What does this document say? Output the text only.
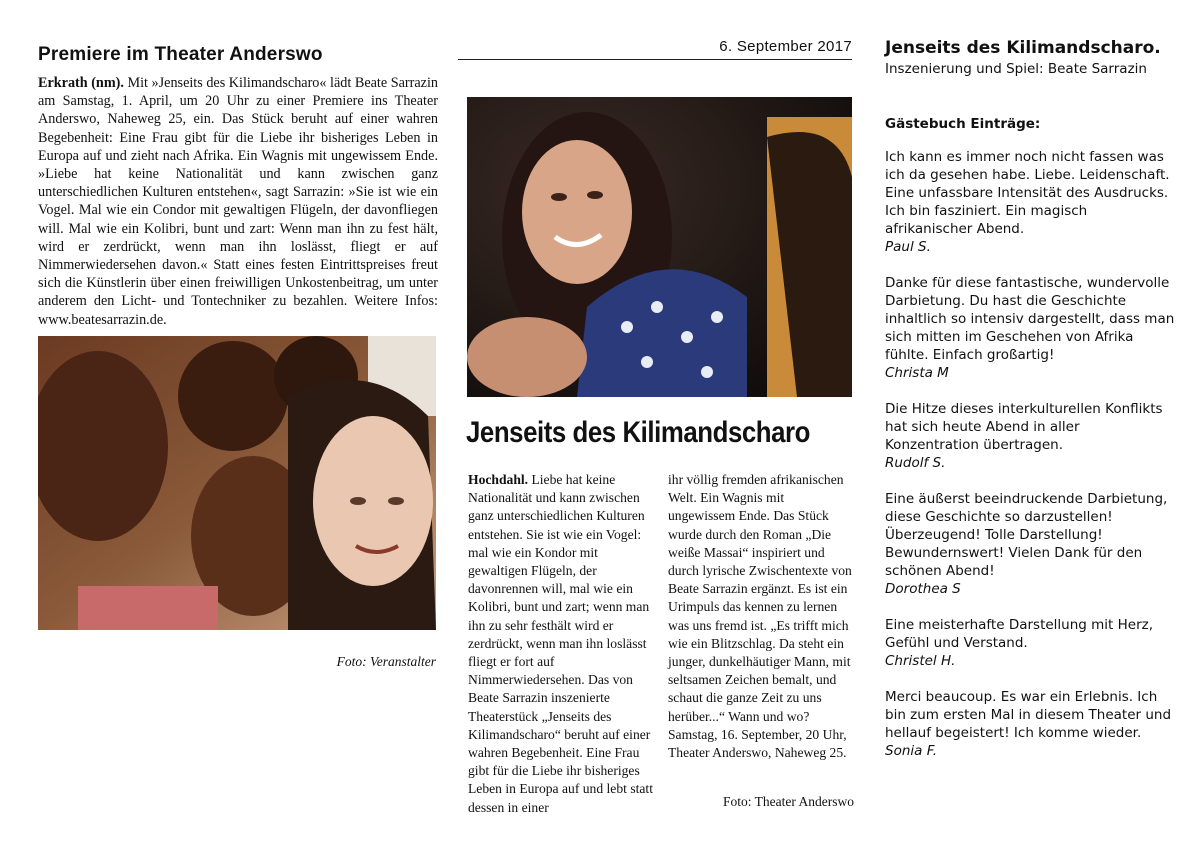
Premiere im Theater Anderswo
Erkrath (nm). Mit »Jenseits des Kilimandscharo« lädt Beate Sarrazin am Samstag, 1. April, um 20 Uhr zu einer Premiere ins Theater Anderswo, Naheweg 25, ein. Das Stück beruht auf einer wahren Begebenheit: Eine Frau gibt für die Liebe ihr bisheriges Leben in Europa auf und zieht nach Afrika. Ein Wagnis mit ungewissem Ende. »Liebe hat keine Nationalität und kann zwischen ganz unterschiedlichen Kulturen entstehen«, sagt Sarrazin: »Sie ist wie ein Vogel. Mal wie ein Condor mit gewaltigen Flügeln, der davonfliegen will. Mal wie ein Kolibri, bunt und zart: Wenn man ihn zu fest hält, wird er zerdrückt, wenn man ihn loslässt, fliegt er auf Nimmerwiedersehen davon.« Statt eines festen Eintrittspreises freut sich die Künstlerin über einen freiwilligen Unkostenbeitrag, um unter anderem den Licht- und Tontechniker zu bezahlen. Weitere Infos: www.beatesarrazin.de.
Foto: Veranstalter
6. September 2017
Jenseits des Kilimandscharo
Hochdahl. Liebe hat keine Nationalität und kann zwischen ganz unterschiedlichen Kulturen entstehen. Sie ist wie ein Vogel: mal wie ein Kondor mit gewaltigen Flügeln, der davonrennen will, mal wie ein Kolibri, bunt und zart; wenn man ihn zu sehr festhält wird er zerdrückt, wenn man ihn loslässt fliegt er fort auf Nimmerwiedersehen. Das von Beate Sarrazin inszenierte Theaterstück „Jenseits des Kilimandscharo“ beruht auf einer wahren Begebenheit. Eine Frau gibt für die Liebe ihr bisheriges Leben in Europa auf und lebt statt dessen in einer
ihr völlig fremden afrikanischen Welt. Ein Wagnis mit ungewissem Ende. Das Stück wurde durch den Roman „Die weiße Massai“ inspiriert und durch lyrische Zwischentexte von Beate Sarrazin ergänzt. Es ist ein Urimpuls das kennen zu lernen was uns fremd ist. „Es trifft mich wie ein Blitzschlag. Da steht ein junger, dunkelhäutiger Mann, mit seltsamen Zeichen bemalt, und schaut die ganze Zeit zu uns herüber...“ Wann und wo? Samstag, 16. September, 20 Uhr, Theater Anderswo, Naheweg 25.
Foto: Theater Anderswo
Jenseits des Kilimandscharo.
Inszenierung und Spiel: Beate Sarrazin
Gästebuch Einträge:
Ich kann es immer noch nicht fassen was ich da gesehen habe. Liebe. Leidenschaft. Eine unfassbare Intensität des Ausdrucks. Ich bin fasziniert. Ein magisch afrikanischer Abend.
Paul S.
Danke für diese fantastische, wundervolle Darbietung. Du hast die Geschichte inhaltlich so intensiv dargestellt, dass man sich mitten im Geschehen von Afrika fühlte. Einfach großartig!
Christa M
Die Hitze dieses interkulturellen Konflikts hat sich heute Abend in aller Konzentration übertragen.
Rudolf S.
Eine äußerst beeindruckende Darbietung, diese Geschichte so darzustellen! Überzeugend! Tolle Darstellung! Bewundernswert! Vielen Dank für den schönen Abend!
Dorothea S
Eine meisterhafte Darstellung mit Herz, Gefühl und Verstand.
Christel H.
Merci beaucoup. Es war ein Erlebnis. Ich bin zum ersten Mal in diesem Theater und hellauf begeistert! Ich komme wieder.
Sonia F.
